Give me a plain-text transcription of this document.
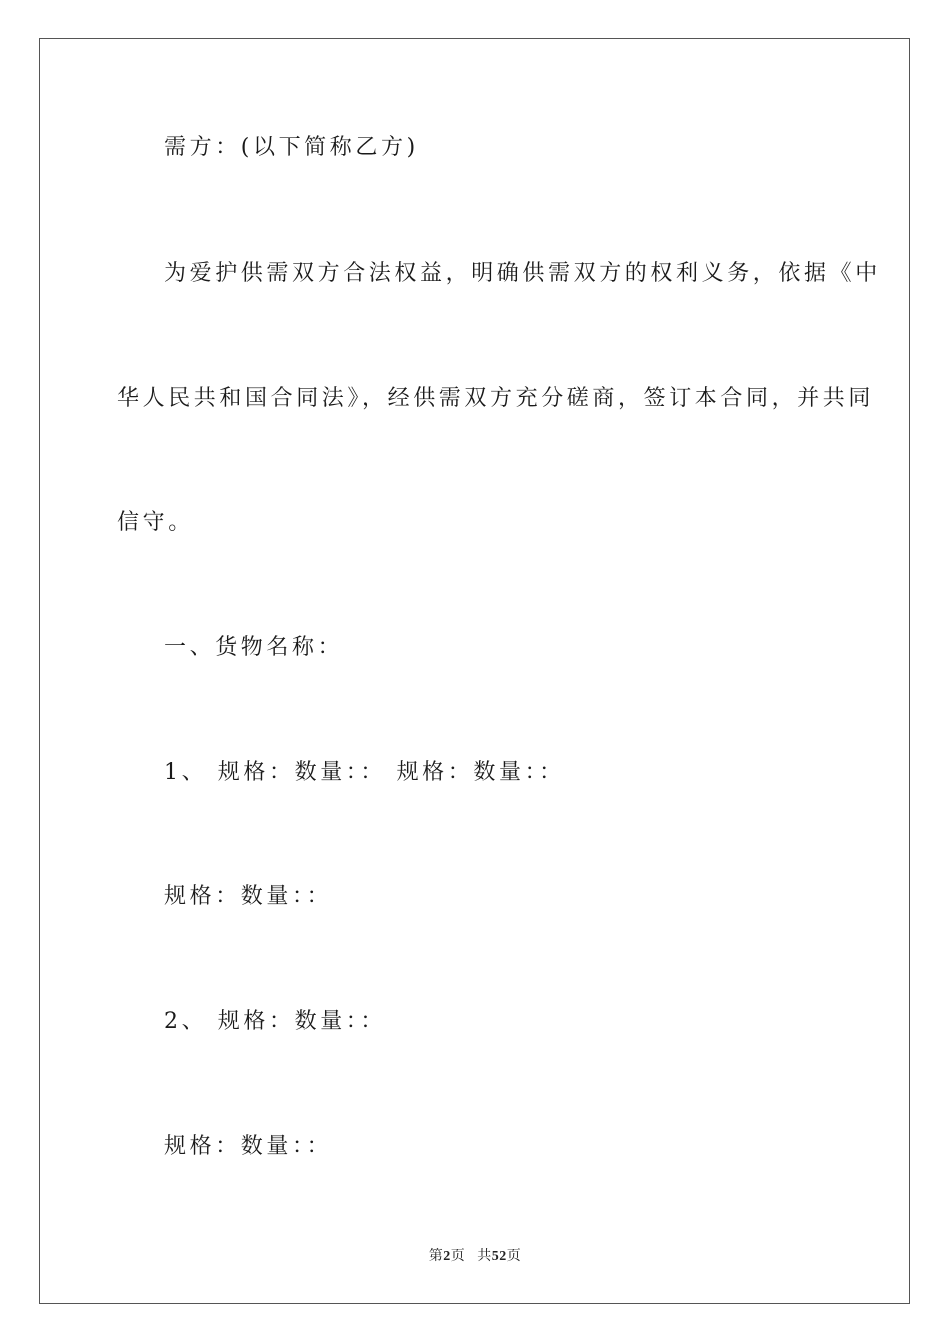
需方：(以下简称乙方)
为爱护供需双方合法权益，明确供需双方的权利义务，依据《中
华人民共和国合同法》，经供需双方充分磋商，签订本合同，并共同
信守。
一、货物名称：
1、 规格：数量：： 规格：数量：：
规格：数量：：
2、 规格：数量：：
规格：数量：：
第2页 共52页
